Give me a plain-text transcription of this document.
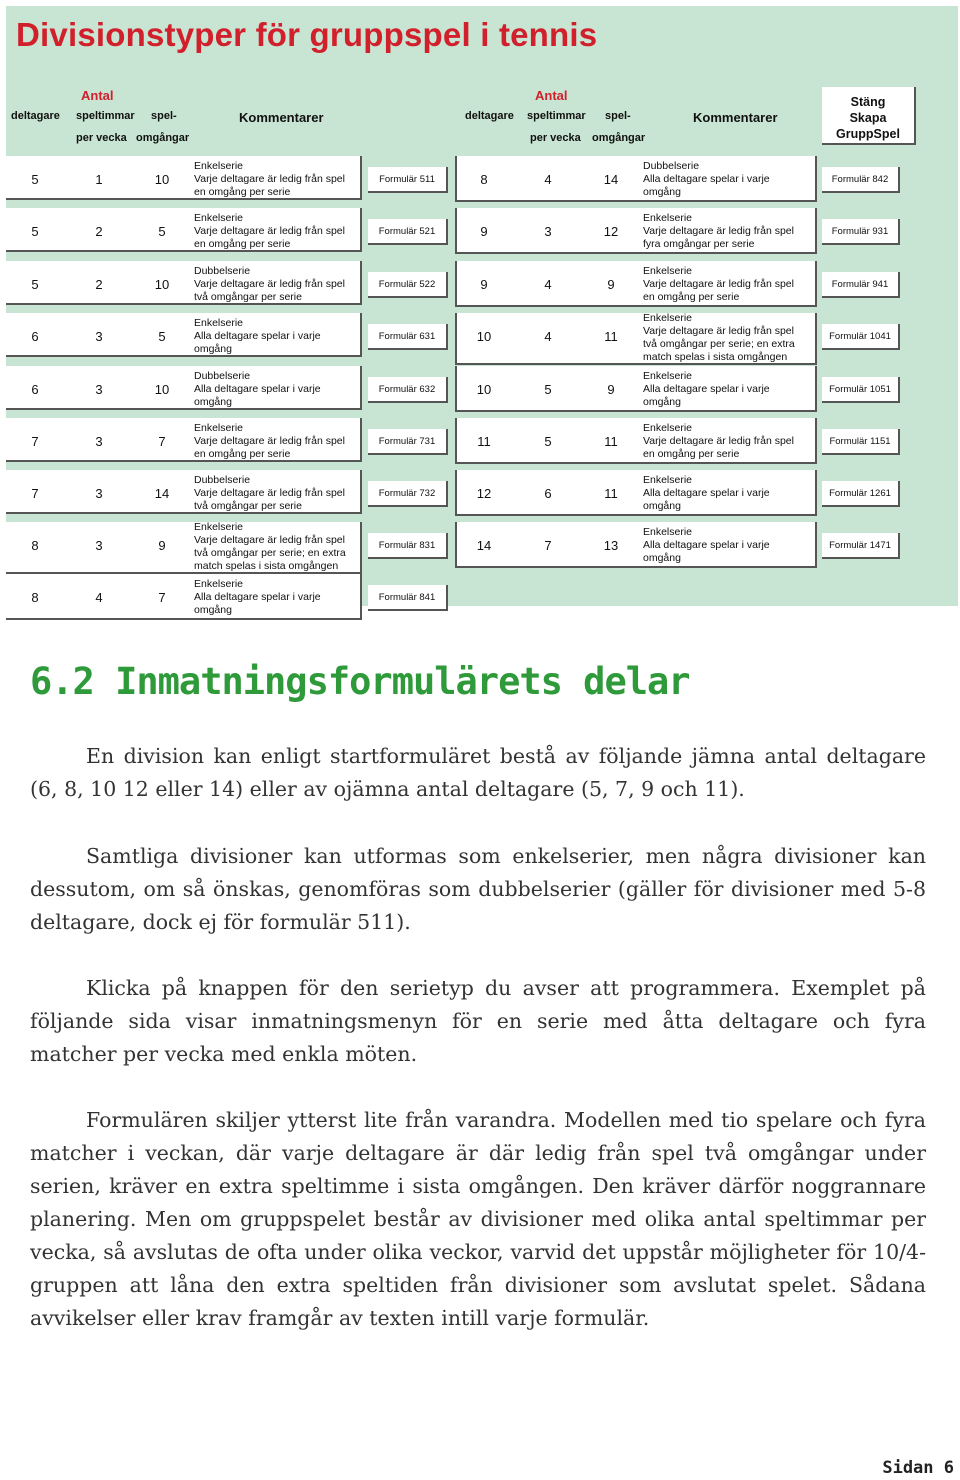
Divisionstyper för gruppspel i tennis
Antal
deltagare speltimmar
per vecka
spel-
omgångar
Kommentarer
Antal
deltagare speltimmar
per vecka
spel-
omgångar
Kommentarer
Stäng
Skapa
GruppSpel
5	1	10
Enkelserie
Varje deltagare är ledig från spel
en omgång per serie
Formulär 511
5	2	5
Enkelserie
Varje deltagare är ledig från spel
en omgång per serie
Formulär 521
5	2	10
Dubbelserie
Varje deltagare är ledig från spel
två omgångar per serie
Formulär 522
6	3	5
Enkelserie
Alla deltagare spelar i varje
omgång
Formulär 631
6	3	10
Dubbelserie
Alla deltagare spelar i varje
omgång
Formulär 632
7	3	7
Enkelserie
Varje deltagare är ledig från spel
en omgång per serie
Formulär 731
7	3	14
Dubbelserie
Varje deltagare är ledig från spel
två omgångar per serie
Formulär 732
8	3	9
Enkelserie
Varje deltagare är ledig från spel
två omgångar per serie; en extra
match spelas i sista omgången
Formulär 831
8	4	7
Enkelserie
Alla deltagare spelar i varje
omgång
Formulär 841
8	4	14
Dubbelserie
Alla deltagare spelar i varje
omgång
Formulär 842
9	3	12
Enkelserie
Varje deltagare är ledig från spel
fyra omgångar per serie
Formulär 931
9	4	9
Enkelserie
Varje deltagare är ledig från spel
en omgång per serie
Formulär 941
10	4	11
Enkelserie
Varje deltagare är ledig från spel
två omgångar per serie; en extra
match spelas i sista omgången
Formulär 1041
10	5	9
Enkelserie
Alla deltagare spelar i varje
omgång
Formulär 1051
11	5	11
Enkelserie
Varje deltagare är ledig från spel
en omgång per serie
Formulär 1151
12	6	11
Enkelserie
Alla deltagare spelar i varje
omgång
Formulär 1261
14	7	13
Enkelserie
Alla deltagare spelar i varje
omgång
Formulär 1471
6.2 Inmatningsformulärets delar

En division kan enligt startformuläret bestå av följande jämna antal deltagare (6, 8, 10 12 eller 14) eller av ojämna antal deltagare (5, 7, 9 och 11).

Samtliga divisioner kan utformas som enkelserier, men några divisioner kan dessutom, om så önskas, genomföras som dubbelserier (gäller för divisioner med 5-8 deltagare, dock ej för formulär 511).

Klicka på knappen för den serietyp du avser att programmera. Exemplet på följande sida visar inmatningsmenyn för en serie med åtta deltagare och fyra matcher per vecka med enkla möten.

Formulären skiljer ytterst lite från varandra. Modellen med tio spelare och fyra matcher i veckan, där varje deltagare är där ledig från spel två omgångar under serien, kräver en extra speltimme i sista omgången. Den kräver därför noggrannare planering. Men om gruppspelet består av divisioner med olika antal speltimmar per vecka, så avslutas de ofta under olika veckor, varvid det uppstår möjligheter för 10/4-gruppen att låna den extra speltiden från divisioner som avslutat spelet. Sådana avvikelser eller krav framgår av texten intill varje formulär.

Sidan 6
